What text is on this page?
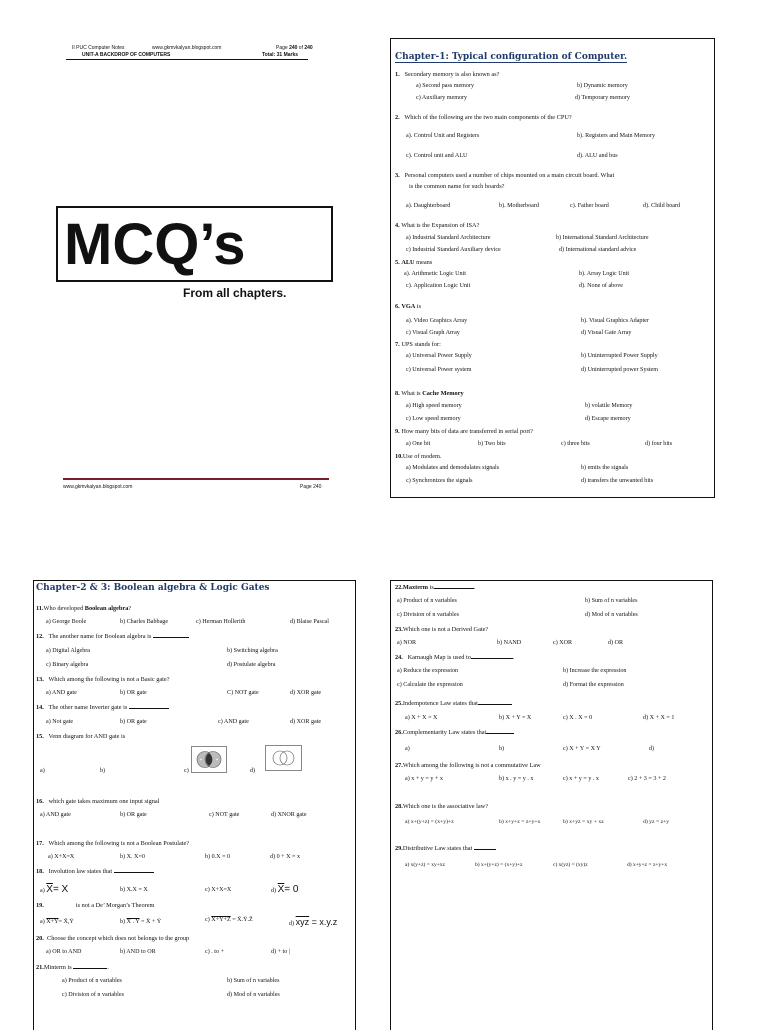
II PUC Computer Notes	www.gkmvkalyan.blogspot.com	Page 240 of 240
UNIT-A BACKDROP OF COMPUTERS	Total: 31 Marks
MCQ’s
From all chapters.
www.gkmvkalyan.blogspot.com	Page 240
Chapter-1: Typical configuration of Computer.
1. Secondary memory is also known as?
a) Second pass memory	b) Dynamic memory
c) Auxiliary memory	d) Temporary memory
2. Which of the following are the two main components of the CPU?
a). Control Unit and Registers	b). Registers and Main Memory
c). Control unit and ALU	d). ALU and bus
3. Personal computers used a number of chips mounted on a main circuit board. What
is the common name for such boards?
a). Daughterboard	b). Motherboard	c). Father board	d). Child board
4. What is the Expansion of ISA?
a) Industrial Standard Architecture	b) International Standard Architecture
c) Industrial Standard Auxiliary device	d) International standard advice
5. ALU means
a). Arithmetic Logic Unit	b). Array Logic Unit
c). Application Logic Unit	d). None of above
6. VGA is
a). Video Graphics Array	b). Visual Graphics Adapter
c) Visual Graph Array	d) Visual Gate Array
7. UPS stands for:
a) Universal Power Supply	b) Uninterrupted Power Supply
c) Universal Power system	d) Uninterrupted power System
8. What is Cache Memory
a) High speed memory	b) volatile Memory
c) Low speed memory	d) Escape memory
9. How many bits of data are transferred in serial port?
a) One bit	b) Two bits	c) three bits	d) four bits
10.Use of modem.
a) Modulates and demodulates signals	b) emits the signals
c) Synchronizes the signals	d) transfers the unwanted bits
Chapter-2 & 3: Boolean algebra & Logic Gates
11.Who developed Boolean algebra?
a) George Boole	b) Charles Babbage	c) Herman Hollerith	d) Blaise Pascal
12. The another name for Boolean algebra is
a) Digital Algebra	b) Switching algebra
c) Binary algebra	d) Postulate algebra
13. Which among the following is not a Basic gate?
a) AND gate	b) OR gate	C) NOT gate	d) XOR gate
14. The other name Inverter gate is
a) Not gate	b) OR gate	c) AND gate	d) XOR gate
15. Venn diagram for AND gate is
a)	b)	c)	d)
16. which gate takes maximum one input signal
a) AND gate	b) OR gate	c) NOT gate	d) XNOR gate
17. Which among the following is not a Boolean Postulate?
a) X+X=X	b) X. X=0	b) 0.X = 0	d) 0 + X = x
18. Involution law states that
a) $\overline{X}= X$	b) X.X = X	c) X+X=X	d) $\overline{X}= 0$
19.	is not a De’ Morgan’s Theorem
a) X+Y= X̄,Ȳ	b) X . Y = X̄ + Ȳ	c) X+Y+Z = X̄.Ȳ.Z̄
d) $\overline{xyz} = x.y.z$
20. Choose the concept which does not belongs to the group
a) OR to AND	b) AND to OR	c) . to +	d) + to |
21.Minterm is	.
a) Product of n variables	b) Sum of n variables
c) Division of n variables	d) Mod of n variables
22.Maxterm is	.
a) Product of n variables	b) Sum of n variables
c) Division of n variables	d) Mod of n variables
23.Which one is not a Derived Gate?
a) NOR	b) NAND	c) XOR	d) OR
24. Karnaugh Map is used to	.
a) Reduce the expression	b) Increase the expression
c) Calculate the expression	d) Format the expression
25.Indempotence Law states that
a) X + X = X	b) X + Y = X	c) X . X = 0	d) X + X = 1
26.Complementarity Law states that
a)	b)	c) X + Y = X Y	d)
27.Which among the following is not a commutative Law
a) x + y = y + x	b) x . y = y . x	c) x + y = y . x	c) 2 + 3 = 3 + 2
28.Which one is the associative law?
a) x+(y+z) = (x+y)+z	b) x+y+z = z+y+x	b) x+yz = xy + xz	d) yz = z+y
29.Distributive Law states that
a) x(y+z) = xy+xz	b) x+(y+z) = (x+y)+z	c) x(yz) = (xy)z	d) x+y+z = z+y+x
